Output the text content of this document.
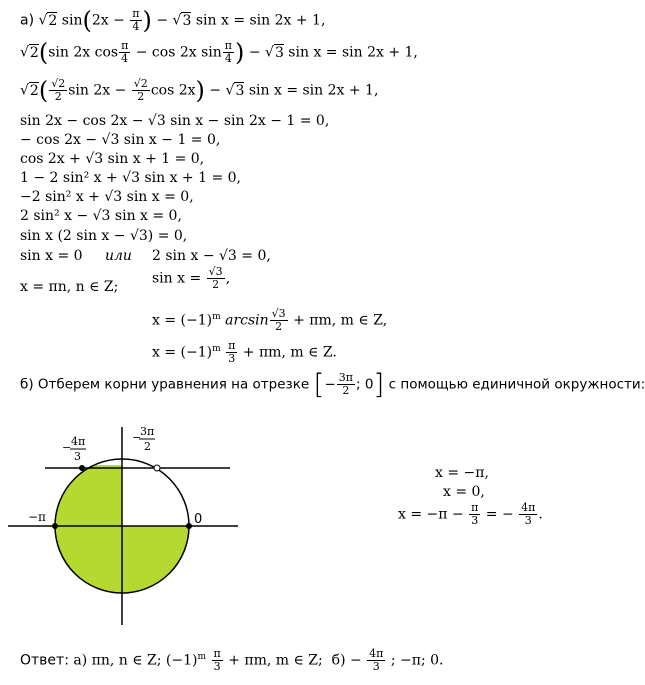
а) √2 $\sin(2x - \frac{\pi}{4}$ ) − √3 sin x = sin 2x + 1,
√2(sin 2x $\cos \frac{\pi}{4} - \cos 2x$ $\sin \frac{\pi}{4}$ ) − √3 sin x = sin 2x + 1,
$√2( \frac{√2}{2}$ $\sin 2x - \frac{√2}{2}$ cos 2x) − √3 sin x = sin 2x + 1,
sin 2x − cos 2x − √3 sin x − sin 2x − 1 = 0,
− cos 2x − √3 sin x − 1 = 0,
cos 2x + √3 sin x + 1 = 0,
1 − 2 sin² x + √3 sin x + 1 = 0,
−2 sin² x + √3 sin x = 0,
2 sin² x − √3 sin x = 0,
sin x (2 sin x − √3) = 0,
sin x = 0 или 2 sin x − √3 = 0,
x = πn, n ∈ Z;
$\sin x = \frac{√3}{2}$ ,
$x = (-1)^m$ $\arcsin \frac{√3}{2} + \pi m$, m ∈ Z,
$x = (-1)^m \frac{\pi}{3} + \pi m$, m ∈ Z.
б) Отберем корни уравнения на отрезке [− $\frac{3\pi}{2}$ ; 0] с помощью единичной окружности:
− 4π
3
−
3π
2
−π	0
x = −π,
x = 0,
$x = -\pi - \frac{\pi}{3}$ = − $\frac{4\pi}{3}$ .
Ответ: а) πn, n ∈ Z; $(-1)^m \frac{\pi}{3} + \pi m$, m ∈ Z; $б) - \frac{4\pi}{3}$ ; −π; 0.
